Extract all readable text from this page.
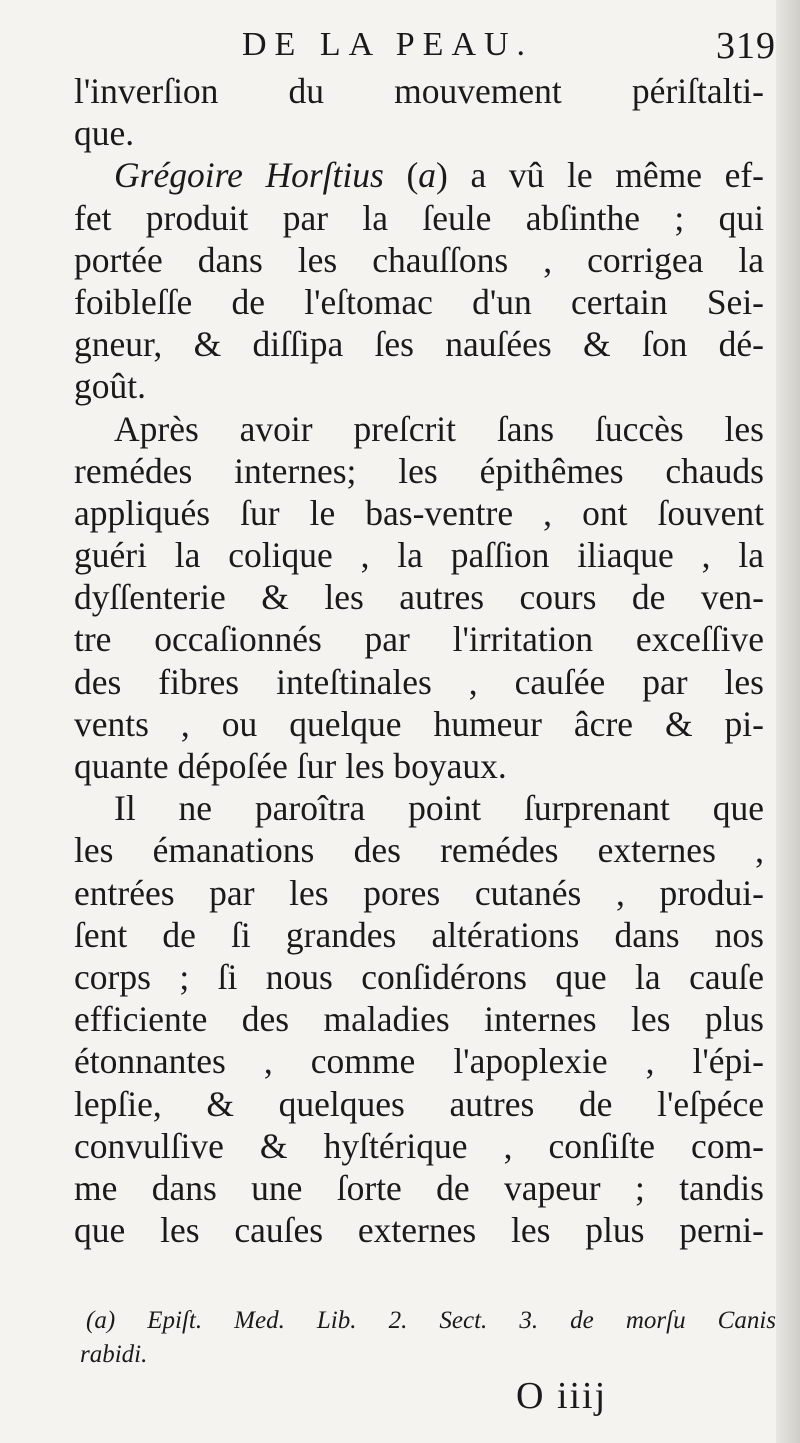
DE LA PEAU.	319
l'inverſion du mouvement périſtalti-
que.
Grégoire Horſtius (a) a vû le même ef-
fet produit par la ſeule abſinthe ; qui
portée dans les chauſſons , corrigea la
foibleſſe de l'eſtomac d'un certain Sei-
gneur, & diſſipa ſes nauſées & ſon dé-
goût.
Après avoir preſcrit ſans ſuccès les
remédes internes; les épithêmes chauds
appliqués ſur le bas-ventre , ont ſouvent
guéri la colique , la paſſion iliaque , la
dyſſenterie & les autres cours de ven-
tre occaſionnés par l'irritation exceſſive
des fibres inteſtinales , cauſée par les
vents , ou quelque humeur âcre & pi-
quante dépoſée ſur les boyaux.
Il ne paroîtra point ſurprenant que
les émanations des remédes externes ,
entrées par les pores cutanés , produi-
ſent de ſi grandes altérations dans nos
corps ; ſi nous conſidérons que la cauſe
efficiente des maladies internes les plus
étonnantes , comme l'apoplexie , l'épi-
lepſie, & quelques autres de l'eſpéce
convulſive & hyſtérique , conſiſte com-
me dans une ſorte de vapeur ; tandis
que les cauſes externes les plus perni-
(a) Epiſt. Med. Lib. 2. Sect. 3. de morſu Canis
rabidi.
O iiij
